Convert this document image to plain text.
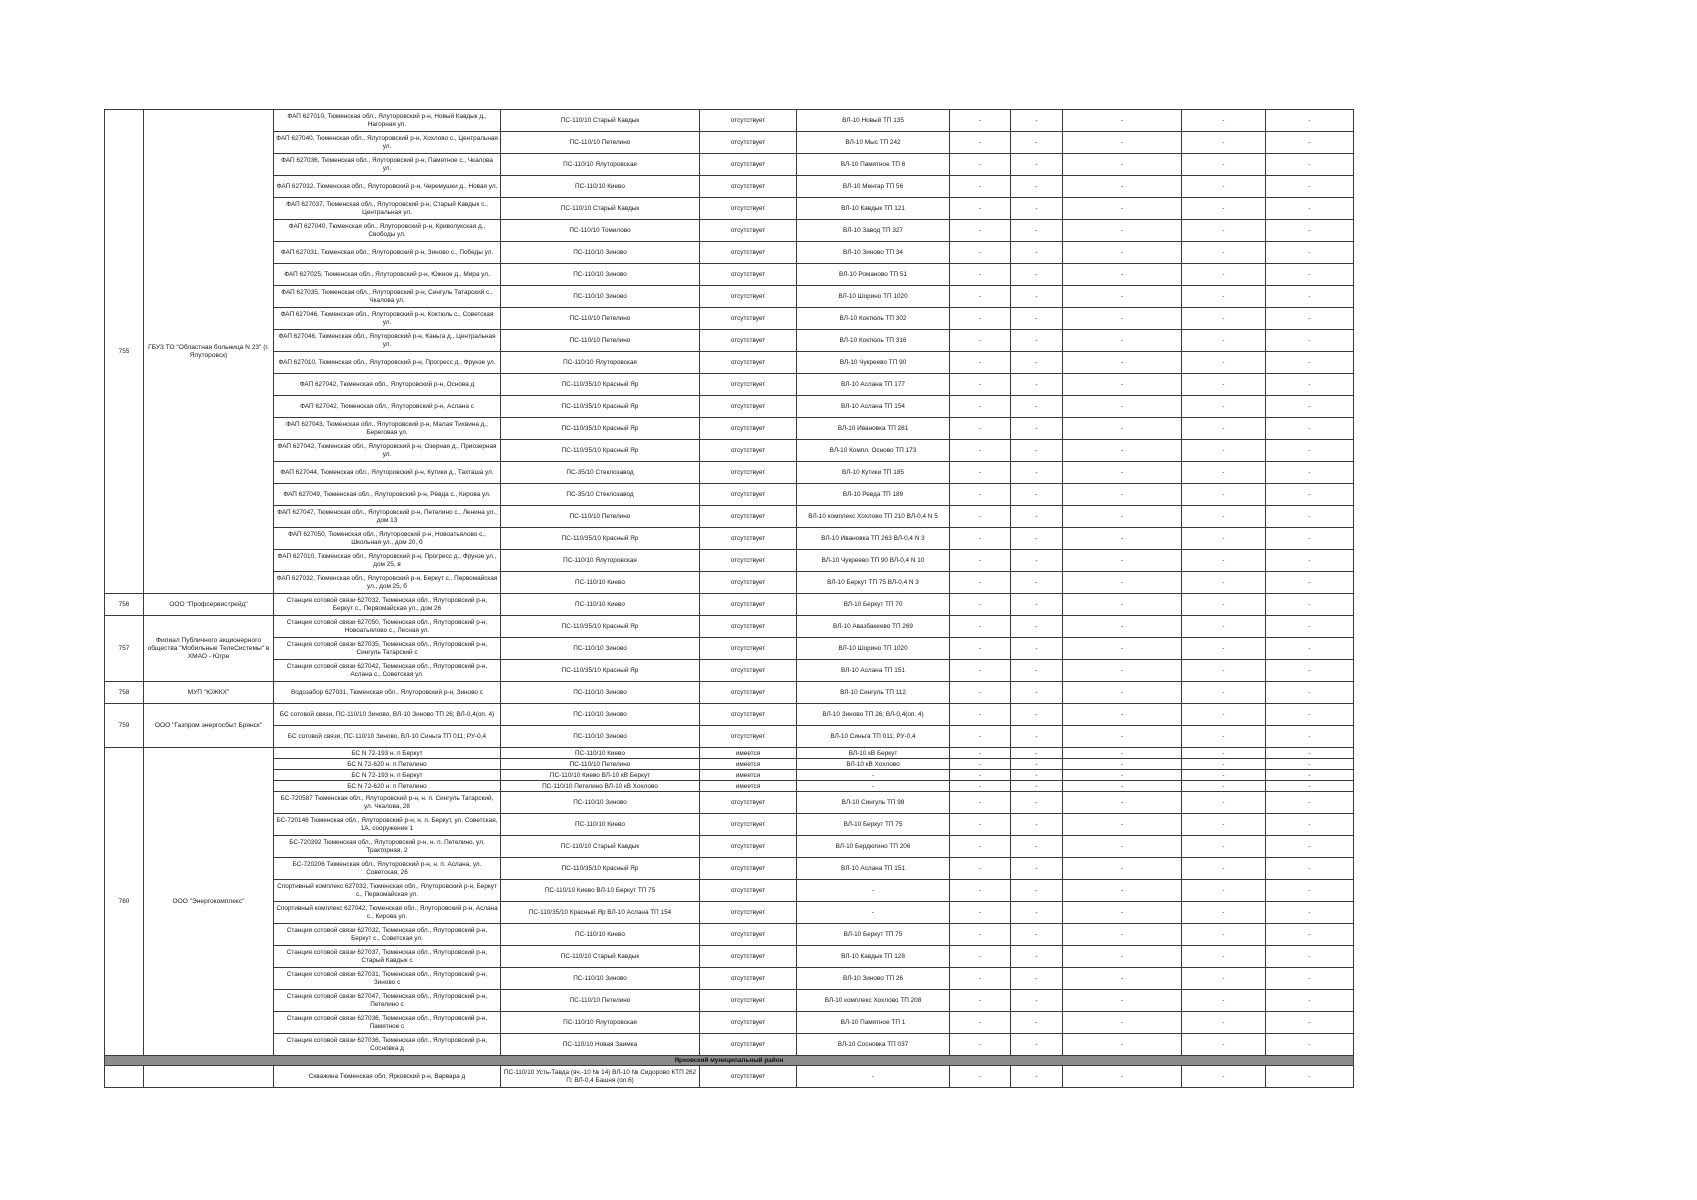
755	ГБУЗ ТО "Областная больница N 23" (г. Ялуторовск)	ФАП 627010, Тюменская обл., Ялуторовский р-н, Новый Кавдык д., Нагорная ул.	ПС-110/10 Старый Кавдык	отсутствует	ВЛ-10 Новый ТП 135	-	-	-	-	-
		ФАП 627040, Тюменская обл., Ялуторовский р-н, Хохлово с., Центральная ул.	ПС-110/10 Петелино	отсутствует	ВЛ-10 Мыс ТП 242	-	-	-	-	-
		ФАП 627036, Тюменская обл., Ялуторовский р-н, Памятное с., Чкалова ул.	ПС-110/10 Ялуторовская	отсутствует	ВЛ-10 Памятное ТП 6	-	-	-	-	-
		ФАП 627032, Тюменская обл., Ялуторовский р-н, Черемушки д., Новая ул.	ПС-110/10 Киево	отсутствует	ВЛ-10 Менгар ТП 56	-	-	-	-	-
		ФАП 627037, Тюменская обл., Ялуторовский р-н, Старый Кавдык с., Центральная ул.	ПС-110/10 Старый Кавдык	отсутствует	ВЛ-10 Кавдык ТП 121	-	-	-	-	-
		ФАП 627040, Тюменская обл., Ялуторовский р-н, Криволукская д., Свободы ул.	ПС-110/10 Томилово	отсутствует	ВЛ-10 Завод ТП 327	-	-	-	-	-
		ФАП 627031, Тюменская обл., Ялуторовский р-н, Зиново с., Победы ул.	ПС-110/10 Зиново	отсутствует	ВЛ-10 Зиново ТП 34	-	-	-	-	-
		ФАП 627025, Тюменская обл., Ялуторовский р-н, Южное д., Мира ул.	ПС-110/10 Зиново	отсутствует	ВЛ-10 Романово ТП 51	-	-	-	-	-
		ФАП 627035, Тюменская обл., Ялуторовский р-н, Сингуль Татарский с., Чкалова ул.	ПС-110/10 Зиново	отсутствует	ВЛ-10 Шорино ТП 1020	-	-	-	-	-
		ФАП 627046, Тюменская обл., Ялуторовский р-н, Коктюль с., Советская ул.	ПС-110/10 Петелино	отсутствует	ВЛ-10 Коктюль ТП 302	-	-	-	-	-
		ФАП 627046, Тюменская обл., Ялуторовский р-н, Каньга д., Центральная ул.	ПС-110/10 Петелино	отсутствует	ВЛ-10 Коктюль ТП 316	-	-	-	-	-
		ФАП 627010, Тюменская обл., Ялуторовский р-н, Прогресс д., Фрунзе ул.	ПС-110/10 Ялуторовская	отсутствует	ВЛ-10 Чукреево ТП 90	-	-	-	-	-
		ФАП 627042, Тюменская обл., Ялуторовский р-н, Оснoва д	ПС-110/35/10 Красный Яр	отсутствует	ВЛ-10 Аслана ТП 177	-	-	-	-	-
		ФАП 627042, Тюменская обл., Ялуторовский р-н, Аслана с	ПС-110/35/10 Красный Яр	отсутствует	ВЛ-10 Аслана ТП 154	-	-	-	-	-
		ФАП 627043, Тюменская обл., Ялуторовский р-н, Малая Тихвина д., Береговая ул.	ПС-110/35/10 Красный Яр	отсутствует	ВЛ-10 Ивановка ТП 281	-	-	-	-	-
		ФАП 627042, Тюменская обл., Ялуторовский р-н, Озерная д., Приозерная ул.	ПС-110/35/10 Красный Яр	отсутствует	ВЛ-10 Компл. Оснoво ТП 173	-	-	-	-	-
		ФАП 627044, Тюменская обл., Ялуторовский р-н, Кутики д., Тахташа ул.	ПС-35/10 Стеклозавод	отсутствует	ВЛ-10 Кутики ТП 185	-	-	-	-	-
		ФАП 627049, Тюменская обл., Ялуторовский р-н, Рёвда с., Кирова ул.	ПС-35/10 Стеклозавод	отсутствует	ВЛ-10 Ревда ТП 189	-	-	-	-	-
		ФАП 627047, Тюменская обл., Ялуторовский р-н, Петелино с., Ленина ул., дом 13	ПС-110/10 Петелино	отсутствует	ВЛ-10 комплекс Хохлово ТП 210 ВЛ-0,4 N 5	-	-	-	-	-
		ФАП 627050, Тюменская обл., Ялуторовский р-н, Новоатьялово с., Школьная ул., дом 20, б	ПС-110/35/10 Красный Яр	отсутствует	ВЛ-10 Ивановка ТП 263 ВЛ-0,4 N 3	-	-	-	-	-
		ФАП 627010, Тюменская обл., Ялуторовский р-н, Прогресс д., Фрунзе ул., дом 25, в	ПС-110/10 Ялуторовская	отсутствует	ВЛ-10 Чукреево ТП 90 ВЛ-0,4 N 10	-	-	-	-	-
		ФАП 627032, Тюменская обл., Ялуторовский р-н, Беркут с., Первомайская ул., дом 25, б	ПС-110/10 Киево	отсутствует	ВЛ-10 Беркут ТП 75 ВЛ-0,4 N 3	-	-	-	-	-
756	ООО "Профсервистрейд"	Станция сотовой связи 627032, Тюменская обл., Ялуторовский р-н, Беркут с., Первомайская ул., дом 26	ПС-110/10 Киево	отсутствует	ВЛ-10 Беркут ТП 70	-	-	-	-	-
757	Филиал Публичного акционерного общества "Мобильные ТелеСистемы" в ХМАО - Югре	Станция сотовой связи 627050, Тюменская обл., Ялуторовский р-н, Новоатьялово с., Лесная ул.	ПС-110/35/10 Красный Яр	отсутствует	ВЛ-10 Авазбакеево ТП 269	-	-	-	-	-
		Станция сотовой связи 627035, Тюменская обл., Ялуторовский р-н, Сингуль Татарский с	ПС-110/10 Зиново	отсутствует	ВЛ-10 Шорино ТП 1020	-	-	-	-	-
		Станция сотовой связи 627042, Тюменская обл., Ялуторовский р-н, Аслана с., Советская ул.	ПС-110/35/10 Красный Яр	отсутствует	ВЛ-10 Аслана ТП 151	-	-	-	-	-
758	МУП "ЮЖКХ"	Водозабор 627031, Тюменская обл., Ялуторовский р-н, Зиново с	ПС-110/10 Зиново	отсутствует	ВЛ-10 Сингуль ТП 112	-	-	-	-	-
759	ООО "Газпром энергосбыт Брянск"	БС сотовой связи, ПС-110/10 Зиново, ВЛ-10 Зиново ТП 26; ВЛ-0,4(оп. 4)	ПС-110/10 Зиново	отсутствует	ВЛ-10 Зиново ТП 26; ВЛ-0,4(оп. 4)	-	-	-	-	-
		БС сотовой связи, ПС-110/10 Зиново, ВЛ-10 Синьга ТП 011; РУ-0,4	ПС-110/10 Зиново	отсутствует	ВЛ-10 Синьга ТП 011; РУ-0,4	-	-	-	-	-
760	ООО "Энергокомплекс"	БС N 72-193 н. п Беркут	ПС-110/10 Киево	имеется	ВЛ-10 кВ Беркут	-	-	-	-	-
		БС N 72-620 н. п Петелино	ПС-110/10 Петелино	имеется	ВЛ-10 кВ Хохлово	-	-	-	-	-
		БС N 72-193 н. п Беркут	ПС-110/10 Киево ВЛ-10 кВ Беркут	имеется	-	-	-	-	-	-
		БС N 72-620 н. п Петелино	ПС-110/10 Петелино ВЛ-10 кВ Хохлово	имеется	-	-	-	-	-	-
		БС-720587 Тюменская обл., Ялуторовский р-н, н. п. Сингуль Татарский, ул. Чкалова, 28	ПС-110/10 Зиново	отсутствует	ВЛ-10 Сингуль ТП 98	-	-	-	-	-
		БС-720146 Тюменская обл., Ялуторовский р-н, н. п. Беркут, ул. Советская, 1А, сооружение 1	ПС-110/10 Киево	отсутствует	ВЛ-10 Беркут ТП 75	-	-	-	-	-
		БС-720392 Тюменская обл., Ялуторовский р-н, н. п. Петелино, ул. Тракторная, 2	ПС-110/10 Старый Кавдык	отсутствует	ВЛ-10 Бердюгино ТП 206	-	-	-	-	-
		БС-720206 Тюменская обл., Ялуторовский р-н, н. п. Аслана, ул. Советская, 26	ПС-110/35/10 Красный Яр	отсутствует	ВЛ-10 Аслана ТП 151	-	-	-	-	-
		Спортивный комплекс 627032, Тюменская обл., Ялуторовский р-н, Беркут с., Первомайская ул.	ПС-110/10 Киево ВЛ-10 Беркут ТП 75	отсутствует	-	-	-	-	-	-
		Спортивный комплекс 627042, Тюменская обл., Ялуторовский р-н, Аслана с., Кирова ул.	ПС-110/35/10 Красный Яр ВЛ-10 Аслана ТП 154	отсутствует	-	-	-	-	-	-
		Станция сотовой связи 627032, Тюменская обл., Ялуторовский р-н, Беркут с., Советская ул.	ПС-110/10 Киево	отсутствует	ВЛ-10 Беркут ТП 75	-	-	-	-	-
		Станция сотовой связи 627037, Тюменская обл., Ялуторовский р-н, Старый Кавдык с	ПС-110/10 Старый Кавдык	отсутствует	ВЛ-10 Кавдык ТП 128	-	-	-	-	-
		Станция сотовой связи 627031, Тюменская обл., Ялуторовский р-н, Зиново с	ПС-110/10 Зиново	отсутствует	ВЛ-10 Зиново ТП 26	-	-	-	-	-
		Станция сотовой связи 627047, Тюменская обл., Ялуторовский р-н, Петелино с	ПС-110/10 Петелино	отсутствует	ВЛ-10 комплекс Хохлово ТП 208	-	-	-	-	-
		Станция сотовой связи 627036, Тюменская обл., Ялуторовский р-н, Памятное с	ПС-110/10 Ялуторовская	отсутствует	ВЛ-10 Памятное ТП 1	-	-	-	-	-
		Станция сотовой связи 627036, Тюменская обл., Ялуторовский р-н, Сосновка д	ПС-110/10 Новая Заимка	отсутствует	ВЛ-10 Сосновка ТП 037	-	-	-	-	-
Ярковский муниципальный район										
		Скважина Тюменская обл, Ярковский р-н, Варвара д	ПС-110/10 Усть-Тавда (яч.-10 № 14) ВЛ-10 № Сидорово КТП 262 П; ВЛ-0,4 Башня (оп.6)	отсутствует	-	-	-	-	-	-
